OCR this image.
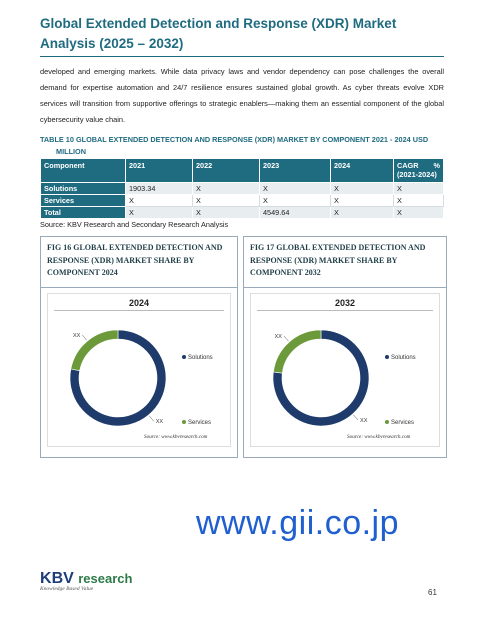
Global Extended Detection and Response (XDR) Market Analysis (2025 – 2032)
developed and emerging markets. While data privacy laws and vendor dependency can pose challenges the overall demand for expertise automation and 24/7 resilience ensures sustained global growth. As cyber threats evolve XDR services will transition from supportive offerings to strategic enablers—making them an essential component of the global cybersecurity value chain.
TABLE 10 GLOBAL EXTENDED DETECTION AND RESPONSE (XDR) MARKET BY COMPONENT 2021 - 2024 USD
MILLION
Component	2021	2022	2023	2024	CAGR %
(2021-2024)

Solutions	1903.34	X	X	X	X
Services	X	X	X	X	X
Total	X	X	4549.64	X	X
Source: KBV Research and Secondary Research Analysis
FIG 16 GLOBAL EXTENDED DETECTION AND RESPONSE (XDR) MARKET SHARE BY COMPONENT 2024
2024
XX
XX
Solutions
Services
Source: www.kbvresearch.com
FIG 17 GLOBAL EXTENDED DETECTION AND RESPONSE (XDR) MARKET SHARE BY COMPONENT 2032
2032
XX
XX
Solutions
Services
Source: www.kbvresearch.com
www.gii.co.jp
KBV research
Knowledge Based Value	61
